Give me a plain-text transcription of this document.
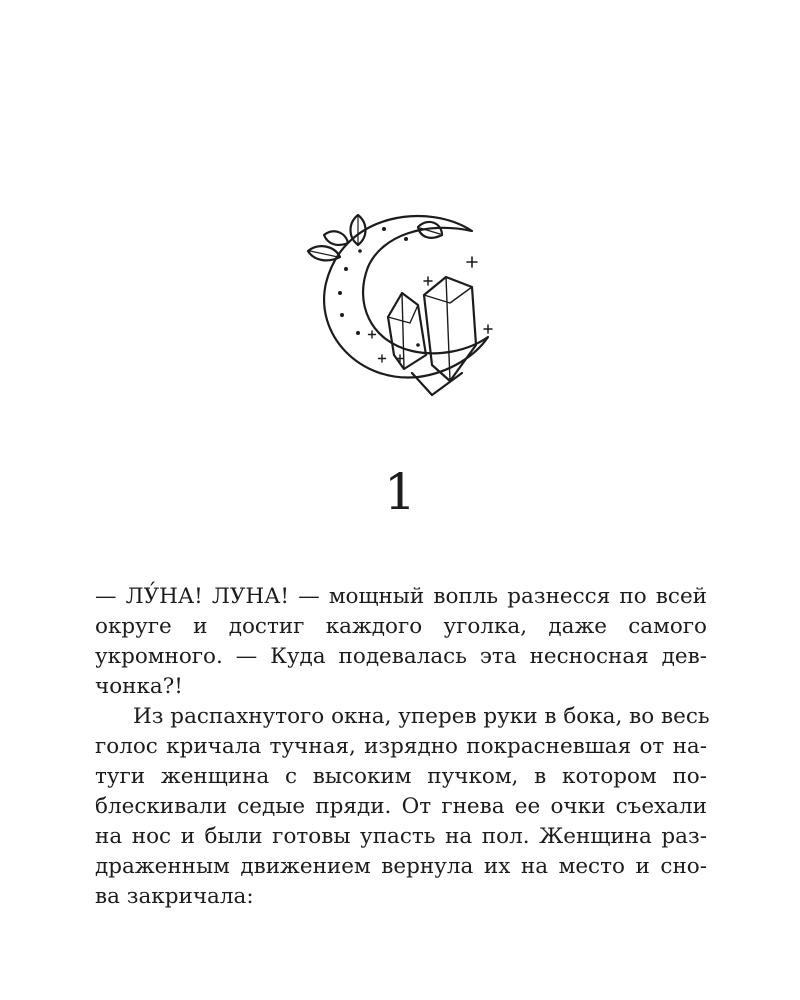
1
— ЛУ́НА! ЛУНА! — мощный вопль разнесся по всей
округе и достиг каждого уголка, даже самого
укромного. — Куда подевалась эта несносная дев-
чонка?!
Из распахнутого окна, уперев руки в бока, во весь
голос кричала тучная, изрядно покрасневшая от на-
туги женщина с высоким пучком, в котором по-
блескивали седые пряди. От гнева ее очки съехали
на нос и были готовы упасть на пол. Женщина раз-
драженным движением вернула их на место и сно-
ва закричала:
